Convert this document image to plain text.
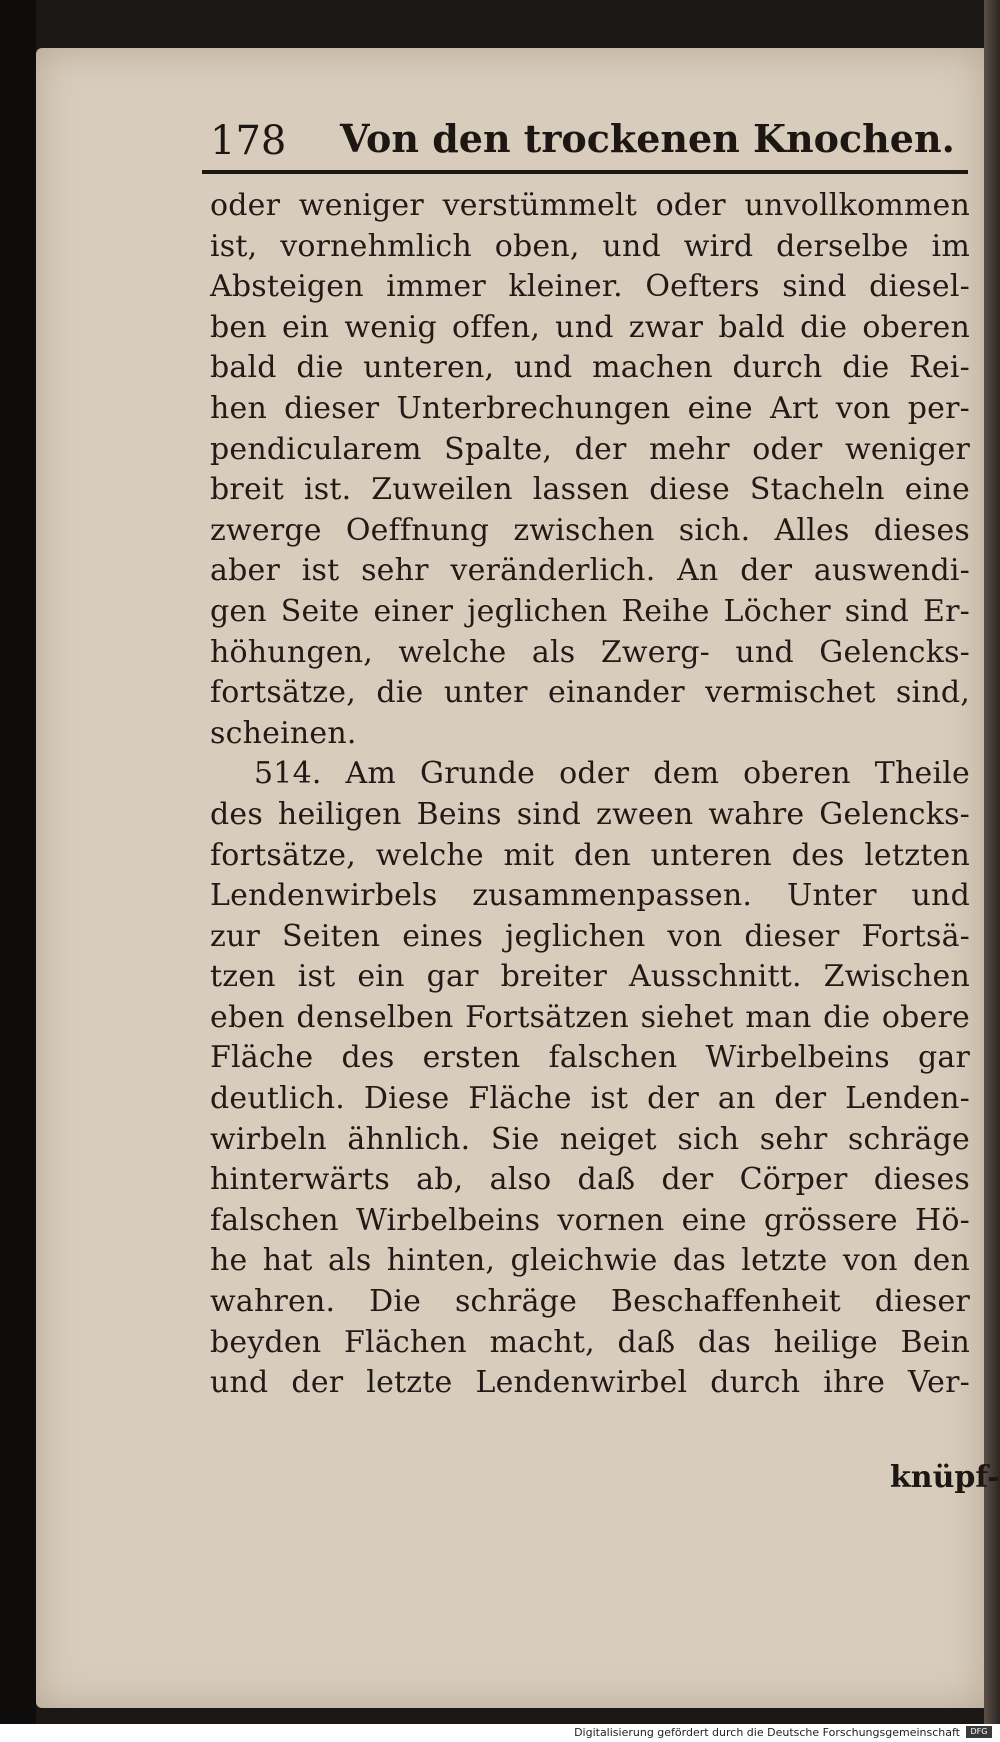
178 Von den trockenen Knochen.
oder weniger verstümmelt oder unvollkommen
ist, vornehmlich oben, und wird derselbe im
Absteigen immer kleiner. Oefters sind diesel-
ben ein wenig offen, und zwar bald die oberen
bald die unteren, und machen durch die Rei-
hen dieser Unterbrechungen eine Art von per-
pendicularem Spalte, der mehr oder weniger
breit ist. Zuweilen lassen diese Stacheln eine
zwerge Oeffnung zwischen sich. Alles dieses
aber ist sehr veränderlich. An der auswendi-
gen Seite einer jeglichen Reihe Löcher sind Er-
höhungen, welche als Zwerg- und Gelencks-
fortsätze, die unter einander vermischet sind,
scheinen.
514. Am Grunde oder dem oberen Theile
des heiligen Beins sind zween wahre Gelencks-
fortsätze, welche mit den unteren des letzten
Lendenwirbels zusammenpassen. Unter und
zur Seiten eines jeglichen von dieser Fortsä-
tzen ist ein gar breiter Ausschnitt. Zwischen
eben denselben Fortsätzen siehet man die obere
Fläche des ersten falschen Wirbelbeins gar
deutlich. Diese Fläche ist der an der Lenden-
wirbeln ähnlich. Sie neiget sich sehr schräge
hinterwärts ab, also daß der Cörper dieses
falschen Wirbelbeins vornen eine grössere Hö-
he hat als hinten, gleichwie das letzte von den
wahren. Die schräge Beschaffenheit dieser
beyden Flächen macht, daß das heilige Bein
und der letzte Lendenwirbel durch ihre Ver-
knüpf-
Digitalisierung gefördert durch die Deutsche Forschungsgemeinschaft	DFG
